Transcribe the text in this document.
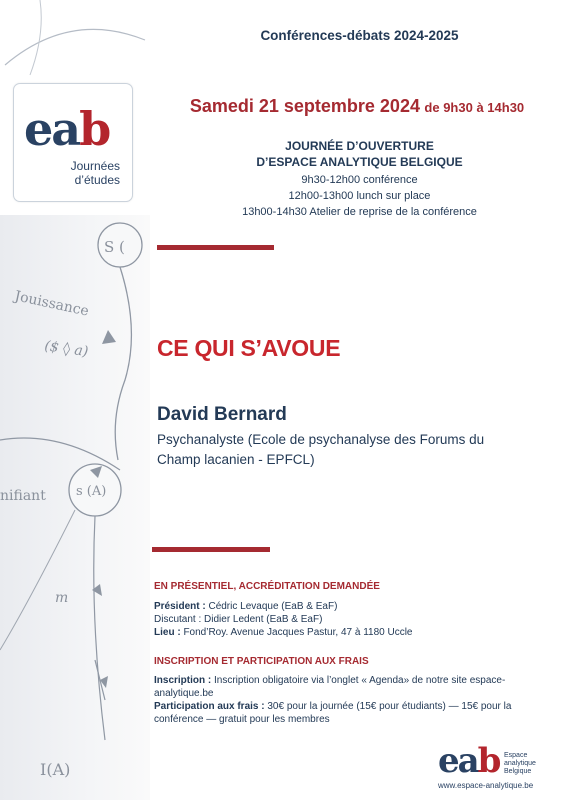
S (
Jouissance
($ ◊ a)
nifiant s (A)
m
I(A)
eab
Journées
d’études
Conférences-débats 2024-2025
Samedi 21 septembre 2024 de 9h30 à 14h30
JOURNÉE D’OUVERTURE
D’ESPACE ANALYTIQUE BELGIQUE
9h30-12h00 conférence
12h00-13h00 lunch sur place
13h00-14h30 Atelier de reprise de la conférence
CE QUI S’AVOUE
David Bernard
Psychanalyste (Ecole de psychanalyse des Forums du
Champ lacanien - EPFCL)
EN PRÉSENTIEL, ACCRÉDITATION DEMANDÉE
Président : Cédric Levaque (EaB & EaF)
Discutant : Didier Ledent (EaB & EaF)
Lieu : Fond’Roy. Avenue Jacques Pastur, 47 à 1180 Uccle
INSCRIPTION ET PARTICIPATION AUX FRAIS
Inscription : Inscription obligatoire via l’onglet « Agenda» de notre site espace-
analytique.be
Participation aux frais : 30€ pour la journée (15€ pour étudiants) — 15€ pour la
conférence — gratuit pour les membres
eab Espace
analytique
Belgique
www.espace-analytique.be
